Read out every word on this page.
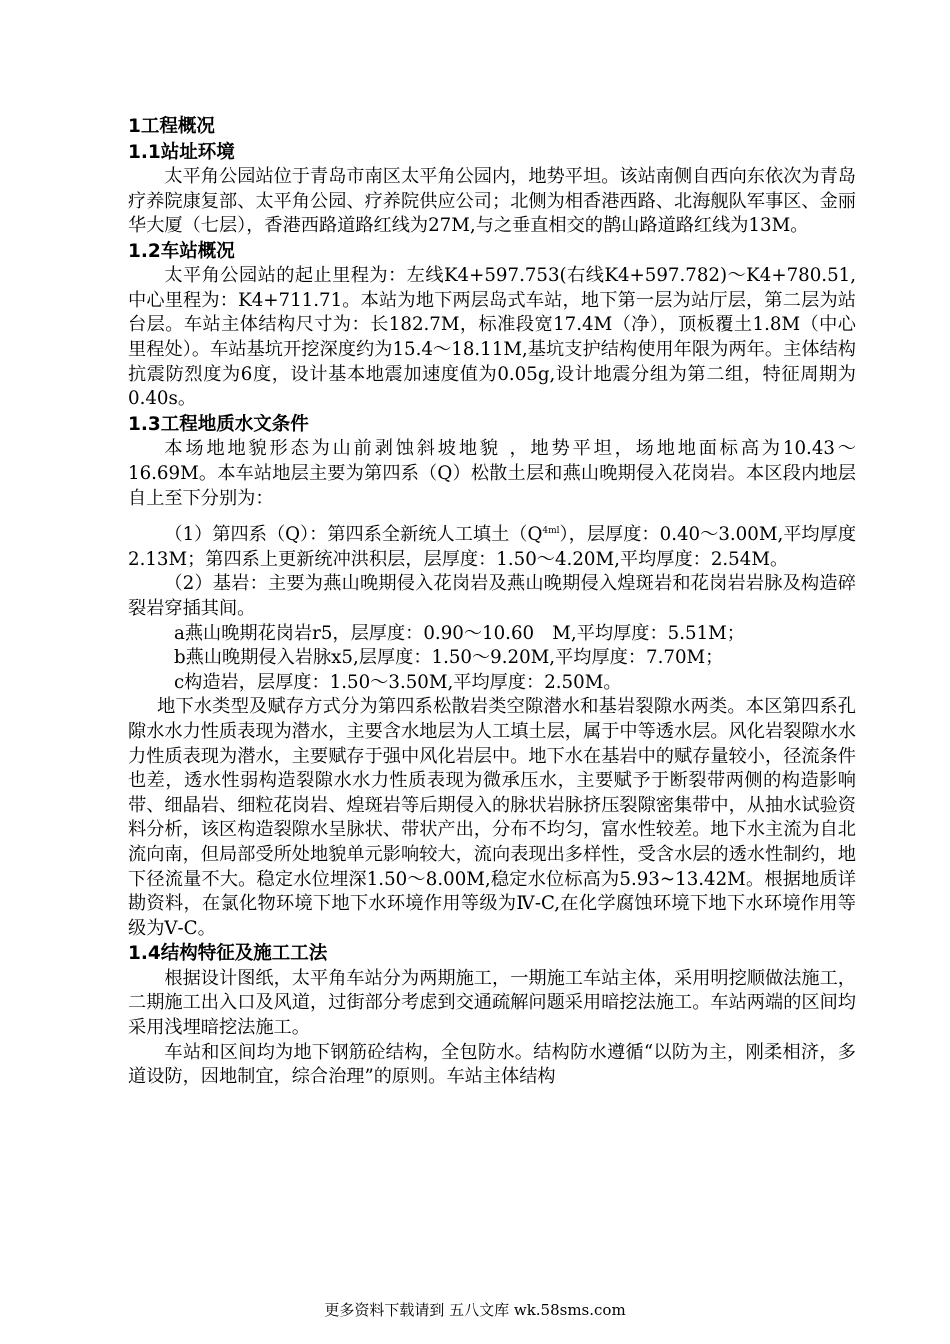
1工程概况

1.1站址环境

太平角公园站位于青岛市南区太平角公园内，地势平坦。该站南侧自西向东依次为青岛疗养院康复部、太平角公园、疗养院供应公司；北侧为相香港西路、北海舰队军事区、金丽华大厦（七层），香港西路道路红线为27M,与之垂直相交的鹊山路道路红线为13M。

1.2车站概况

太平角公园站的起止里程为：左线K4+597.753(右线K4+597.782)～K4+780.51,中心里程为：K4+711.71。本站为地下两层岛式车站，地下第一层为站厅层，第二层为站台层。车站主体结构尺寸为：长182.7M，标准段宽17.4M（净），顶板覆土1.8M（中心里程处）。车站基坑开挖深度约为15.4～18.11M,基坑支护结构使用年限为两年。主体结构抗震防烈度为6度，设计基本地震加速度值为0.05g,设计地震分组为第二组，特征周期为0.40s。

1.3工程地质水文条件

本场地地貌形态为山前剥蚀斜坡地貌 ，地势平坦，场地地面标高为10.43～16.69M。本车站地层主要为第四系（Q）松散土层和燕山晚期侵入花岗岩。本区段内地层自上至下分别为：

（1）第四系（Q）：第四系全新统人工填土$(Q^{4ml})$，层厚度：0.40～3.00M,平均厚度2.13M；第四系上更新统冲洪积层，层厚度：1.50～4.20M,平均厚度：2.54M。

（2）基岩：主要为燕山晚期侵入花岗岩及燕山晚期侵入煌斑岩和花岗岩岩脉及构造碎裂岩穿插其间。

a燕山晚期花岗岩r5，层厚度：0.90～10.60　M,平均厚度：5.51M；

b燕山晚期侵入岩脉x5,层厚度：1.50～9.20M,平均厚度：7.70M；

c构造岩，层厚度：1.50～3.50M,平均厚度：2.50M。

地下水类型及赋存方式分为第四系松散岩类空隙潜水和基岩裂隙水两类。本区第四系孔隙水水力性质表现为潜水，主要含水地层为人工填土层，属于中等透水层。风化岩裂隙水水力性质表现为潜水，主要赋存于强中风化岩层中。地下水在基岩中的赋存量较小，径流条件也差，透水性弱构造裂隙水水力性质表现为微承压水，主要赋予于断裂带两侧的构造影响带、细晶岩、细粒花岗岩、煌斑岩等后期侵入的脉状岩脉挤压裂隙密集带中，从抽水试验资料分析，该区构造裂隙水呈脉状、带状产出，分布不均匀，富水性较差。地下水主流为自北流向南，但局部受所处地貌单元影响较大，流向表现出多样性，受含水层的透水性制约，地下径流量不大。稳定水位埋深1.50～8.00M,稳定水位标高为5.93~13.42M。根据地质详勘资料，在氯化物环境下地下水环境作用等级为Ⅳ-C,在化学腐蚀环境下地下水环境作用等级为Ⅴ-C。

1.4结构特征及施工工法

根据设计图纸，太平角车站分为两期施工，一期施工车站主体，采用明挖顺做法施工，二期施工出入口及风道，过街部分考虑到交通疏解问题采用暗挖法施工。车站两端的区间均采用浅埋暗挖法施工。

车站和区间均为地下钢筋砼结构，全包防水。结构防水遵循“以防为主，刚柔相济，多道设防，因地制宜，综合治理”的原则。车站主体结构

更多资料下载请到 五八文库 wk.58sms.com
